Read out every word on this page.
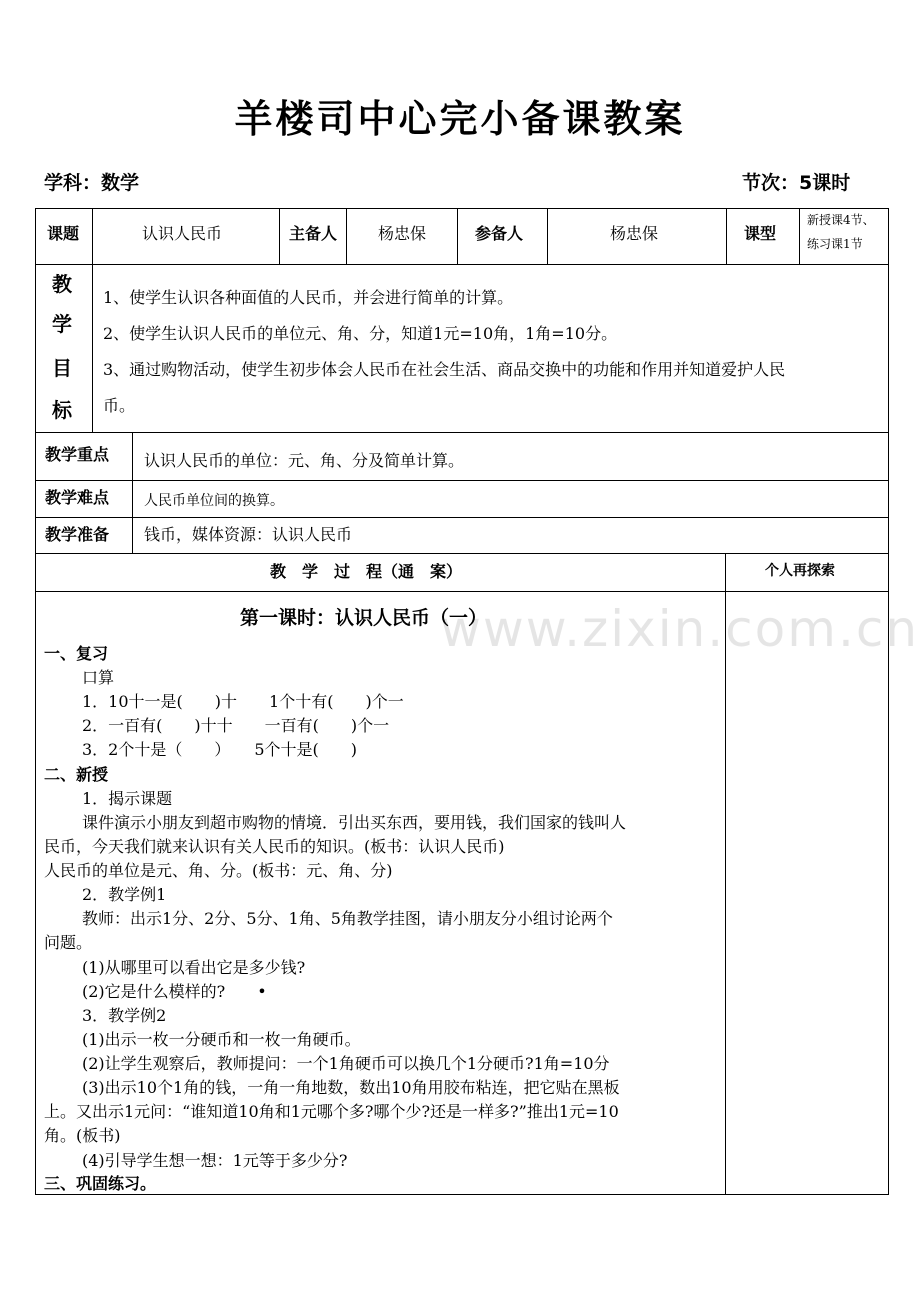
羊楼司中心完小备课教案
学科：数学	节次：5课时
课题	认识人民币	主备人	杨忠保	参备人	杨忠保	课型
新授课4节、
练习课1节
教
学
目
标
1、使学生认识各种面值的人民币，并会进行简单的计算。
2、使学生认识人民币的单位元、角、分，知道1元=10角，1角=10分。
3、通过购物活动，使学生初步体会人民币在社会生活、商品交换中的功能和作用并知道爱护人民
币。
教学重点 认识人民币的单位：元、角、分及简单计算。
教学难点 人民币单位间的换算。
教学准备 钱币，媒体资源：认识人民币
教　学　过　程（通　案）	个人再探索
www.zixin.com.cn
第一课时：认识人民币（一）
一、复习
口算
1．10十一是(　　)十　　1个十有(　　)个一
2．一百有(　　)十十　　一百有(　　)个一
3．2个十是（　　）　　5个十是(　　)
二、新授
1．揭示课题
课件演示小朋友到超市购物的情境．引出买东西，要用钱，我们国家的钱叫人
民币，今天我们就来认识有关人民币的知识。(板书：认识人民币)
人民币的单位是元、角、分。(板书：元、角、分)
2．教学例1
教师：出示1分、2分、5分、1角、5角教学挂图，请小朋友分小组讨论两个
问题。
(1)从哪里可以看出它是多少钱?
(2)它是什么模样的?　　•
3．教学例2
(1)出示一枚一分硬币和一枚一角硬币。
(2)让学生观察后，教师提问：一个1角硬币可以换几个1分硬币?1角=10分
(3)出示10个1角的钱，一角一角地数，数出10角用胶布粘连，把它贴在黑板
上。又出示1元问：“谁知道10角和1元哪个多?哪个少?还是一样多?”推出1元=10
角。(板书)
(4)引导学生想一想：1元等于多少分?
三、巩固练习。
